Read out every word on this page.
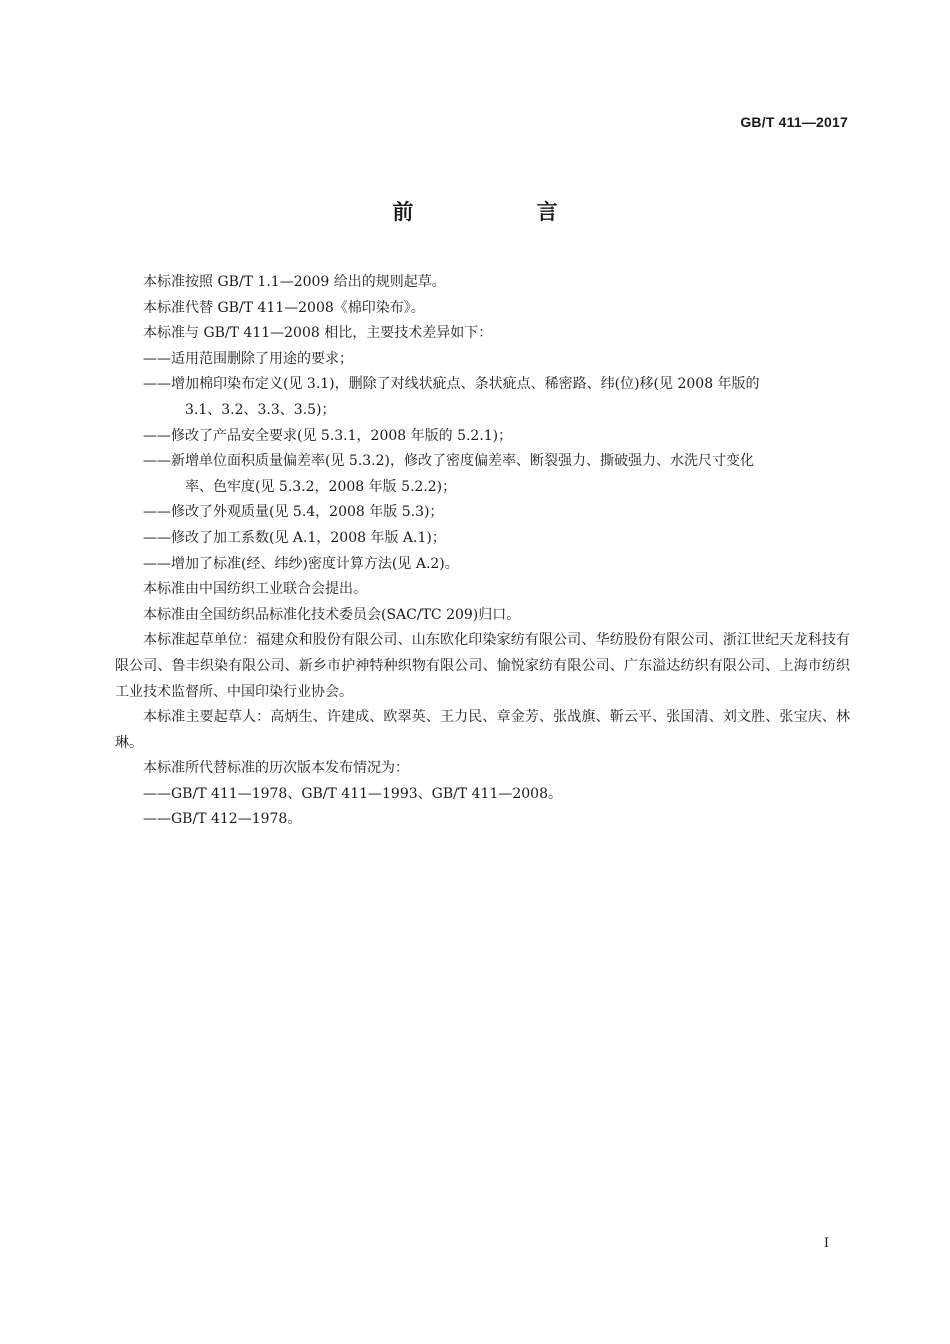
GB/T 411—2017
前 言

本标准按照 GB/T 1.1—2009 给出的规则起草。

本标准代替 GB/T 411—2008《棉印染布》。

本标准与 GB/T 411—2008 相比，主要技术差异如下：

——适用范围删除了用途的要求；
——增加棉印染布定义(见 3.1)，删除了对线状疵点、条状疵点、稀密路、纬(位)移(见 2008 年版的
3.1、3.2、3.3、3.5)；
——修改了产品安全要求(见 5.3.1，2008 年版的 5.2.1)；
——新增单位面积质量偏差率(见 5.3.2)，修改了密度偏差率、断裂强力、撕破强力、水洗尺寸变化
率、色牢度(见 5.3.2，2008 年版 5.2.2)；
——修改了外观质量(见 5.4，2008 年版 5.3)；
——修改了加工系数(见 A.1，2008 年版 A.1)；
——增加了标准(经、纬纱)密度计算方法(见 A.2)。

本标准由中国纺织工业联合会提出。

本标准由全国纺织品标准化技术委员会(SAC/TC 209)归口。

本标准起草单位：福建众和股份有限公司、山东欧化印染家纺有限公司、华纺股份有限公司、浙江世纪天龙科技有限公司、鲁丰织染有限公司、新乡市护神特种织物有限公司、愉悦家纺有限公司、广东溢达纺织有限公司、上海市纺织工业技术监督所、中国印染行业协会。

本标准主要起草人：高炳生、许建成、欧翠英、王力民、章金芳、张战旗、靳云平、张国清、刘文胜、张宝庆、林琳。

本标准所代替标准的历次版本发布情况为：

——GB/T 411—1978、GB/T 411—1993、GB/T 411—2008。
——GB/T 412—1978。
I
